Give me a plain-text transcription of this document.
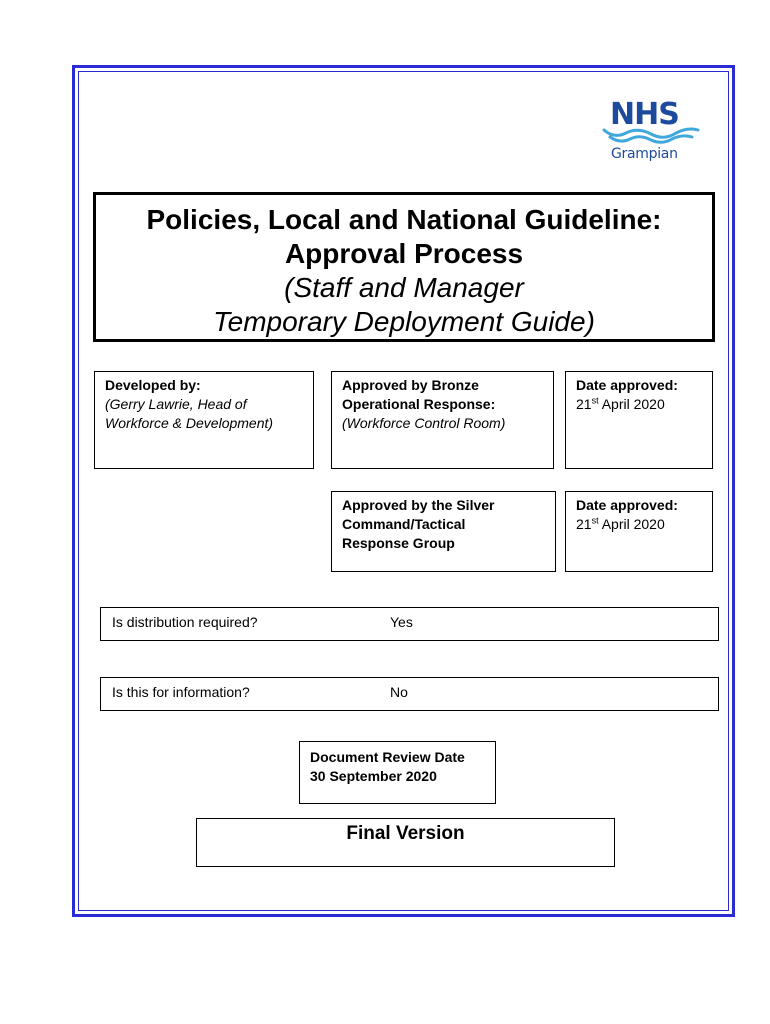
NHS
Grampian
Policies, Local and National Guideline:
Approval Process
(Staff and Manager
Temporary Deployment Guide)
Developed by:
(Gerry Lawrie, Head of
Workforce & Development)
Approved by Bronze
Operational Response:
(Workforce Control Room)
Date approved:
21st April 2020
Approved by the Silver
Command/Tactical
Response Group
Date approved:
21st April 2020
Is distribution required?	Yes
Is this for information?	No
Document Review Date
30 September 2020
Final Version
